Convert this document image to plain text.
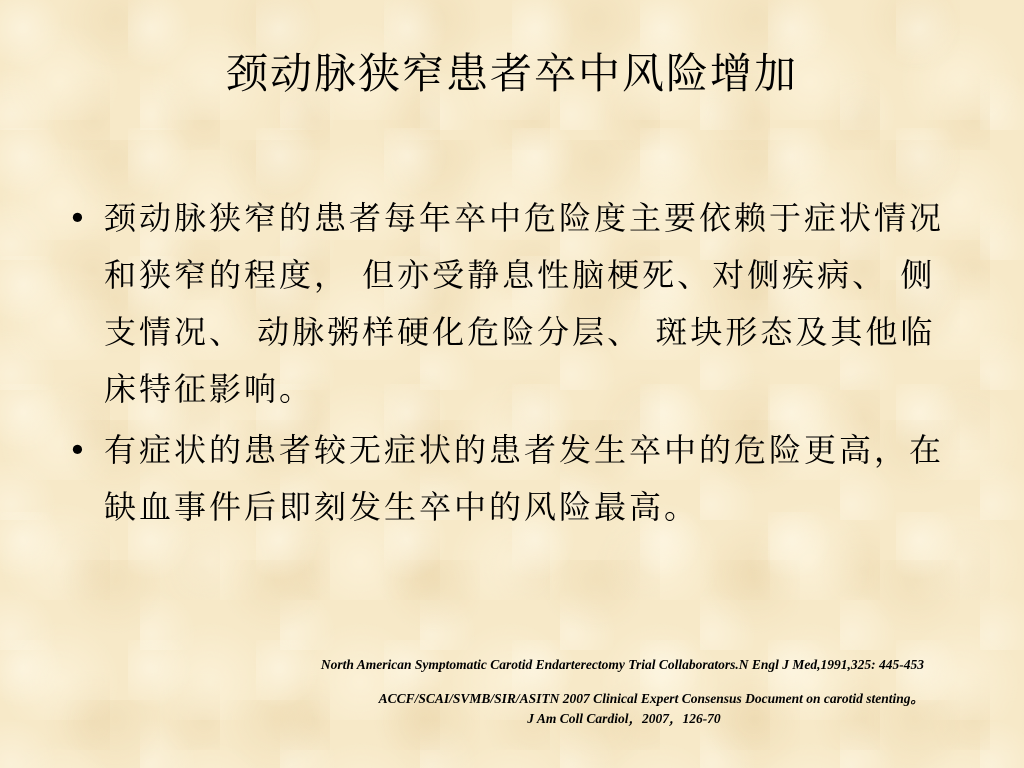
颈动脉狭窄患者卒中风险增加
• 颈动脉狭窄的患者每年卒中危险度主要依赖于症状情况和狭窄的程度， 但亦受静息性脑梗死、对侧疾病、 侧支情况、 动脉粥样硬化危险分层、 斑块形态及其他临床特征影响。
• 有症状的患者较无症状的患者发生卒中的危险更高，在缺血事件后即刻发生卒中的风险最高。

North American Symptomatic Carotid Endarterectomy Trial Collaborators.N Engl J Med,1991,325: 445-453

ACCF/SCAI/SVMB/SIR/ASITN 2007 Clinical Expert Consensus Document on carotid stenting。

J Am Coll Cardiol，2007，126-70
